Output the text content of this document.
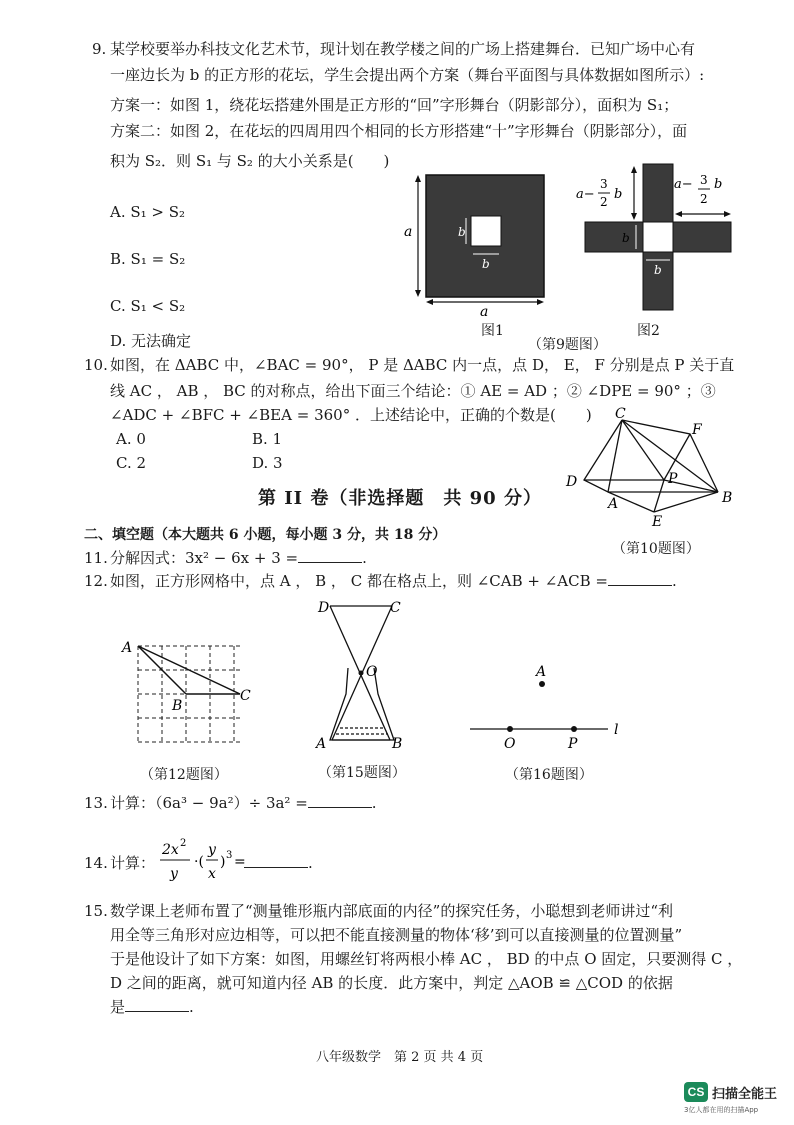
9. 某学校要举办科技文化艺术节，现计划在教学楼之间的广场上搭建舞台．已知广场中心有
一座边长为 b 的正方形的花坛，学生会提出两个方案（舞台平面图与具体数据如图所示）:
方案一：如图 1，绕花坛搭建外围是正方形的“回”字形舞台（阴影部分），面积为 S₁；
方案二：如图 2，在花坛的四周用四个相同的长方形搭建“十”字形舞台（阴影部分），面
积为 S₂．则 S₁ 与 S₂ 的大小关系是(　　)
A. S₁ > S₂
B. S₁ = S₂
C. S₁ < S₂
D. 无法确定
a
a
b
b
图1
a−
3
2 b
b
a− 3
2
b
b
图2
（第9题图）
10. 如图，在 ΔABC 中，∠BAC = 90°， P 是 ΔABC 内一点，点 D， E， F 分别是点 P 关于直
线 AC ， AB ， BC 的对称点，给出下面三个结论：① AE = AD ；② ∠DPE = 90° ；③
∠ADC + ∠BFC + ∠BEA = 360° ．上述结论中，正确的个数是(　　)
A. 0	B. 1
C. 2	D. 3
C
F
P
D
A	B
E
（第10题图）
第 II 卷（非选择题　共 90 分）
二、填空题（本大题共 6 小题，每小题 3 分，共 18 分）
11. 分解因式：3x² − 6x + 3 =	.
12. 如图，正方形网格中，点 A ， B ， C 都在格点上，则 ∠CAB + ∠ACB =	.
A
B
C
（第12题图）
D	C
O
A	B
（第15题图）
A
O	P
l
（第16题图）
13. 计算：（6a³ − 9a²）÷ 3a² =	.
14. 计算：
2x 2
y
·(
y
x
) 3 =	.
15. 数学课上老师布置了“测量锥形瓶内部底面的内径”的探究任务，小聪想到老师讲过“利
用全等三角形对应边相等，可以把不能直接测量的物体‘移’到可以直接测量的位置测量”
于是他设计了如下方案：如图，用螺丝钉将两根小棒 AC ， BD 的中点 O 固定，只要测得 C ，
D 之间的距离，就可知道内径 AB 的长度．此方案中，判定 △AOB ≌ △COD 的依据
是	.
八年级数学　第 2 页 共 4 页
CS 扫描全能王
3亿人都在用的扫描App
